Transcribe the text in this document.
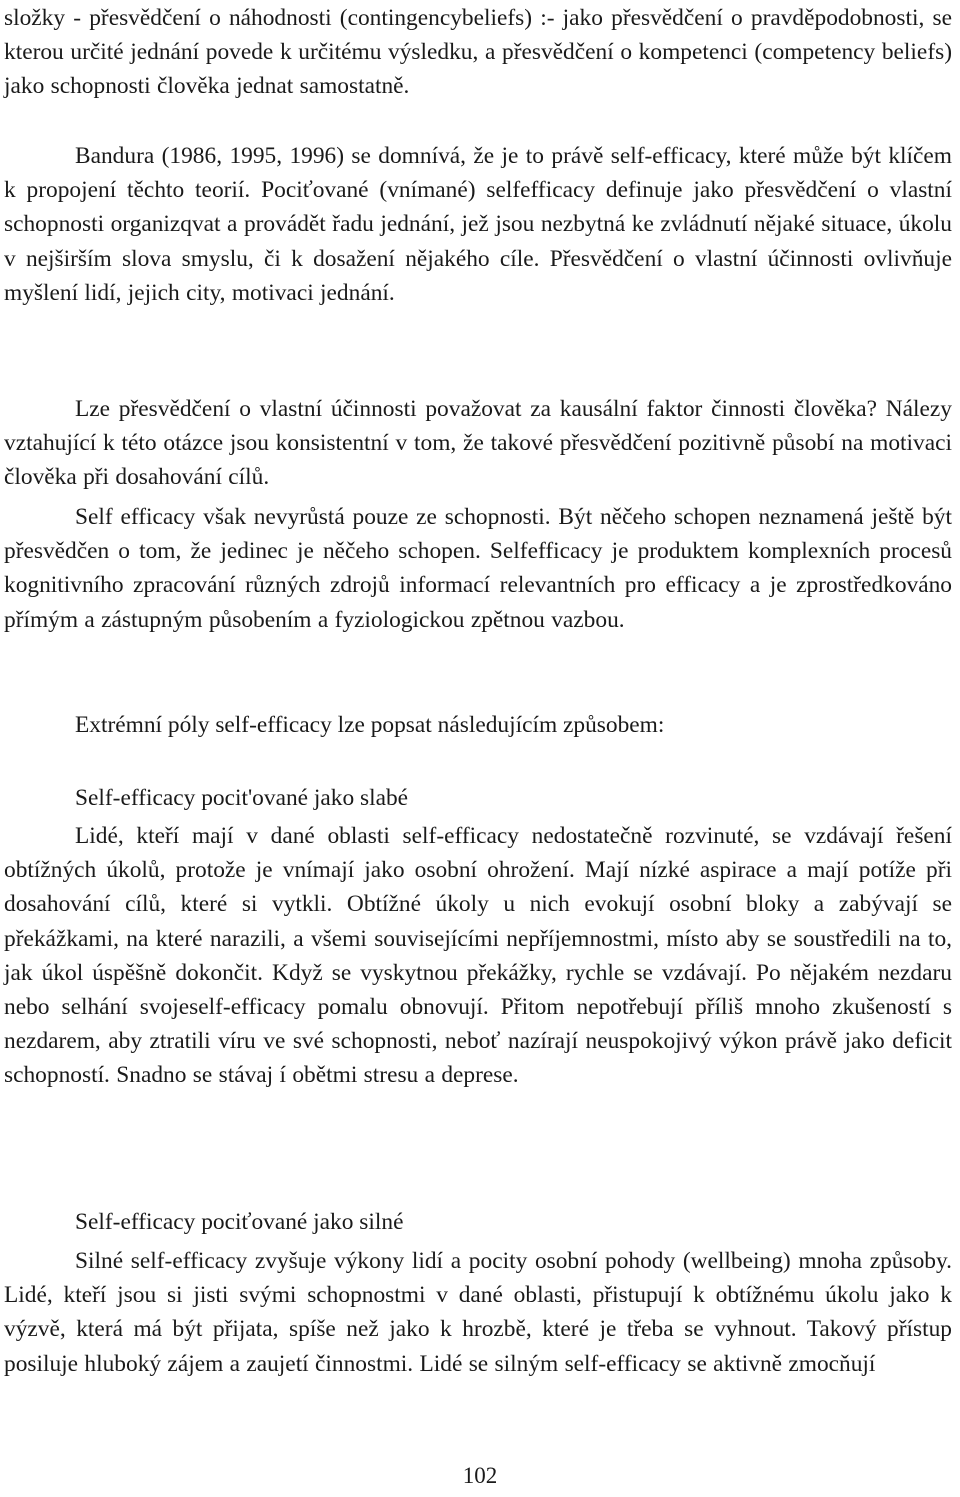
složky - přesvědčení o náhodnosti (contingencybeliefs) :- jako přesvědčení o pravděpodobnosti, se kterou určité jednání povede k určitému výsledku, a přesvědčení o kompetenci (competency beliefs) jako schopnosti člověka jednat samostatně.

Bandura (1986, 1995, 1996) se domnívá, že je to právě self-efficacy, které může být klíčem k propojení těchto teorií. Pociťované (vnímané) selfefficacy definuje jako přesvědčení o vlastní schopnosti organizqvat a provádět řadu jednání, jež jsou nezbytná ke zvládnutí nějaké situace, úkolu v nejširším slova smyslu, či k dosažení nějakého cíle. Přesvědčení o vlastní účinnosti ovlivňuje myšlení lidí, jejich city, motivaci jednání.

Lze přesvědčení o vlastní účinnosti považovat za kausální faktor činnosti člověka? Nálezy vztahující k této otázce jsou konsistentní v tom, že takové přesvědčení pozitivně působí na motivaci člověka při dosahování cílů.

Self efficacy však nevyrůstá pouze ze schopnosti. Být něčeho schopen neznamená ještě být přesvědčen o tom, že jedinec je něčeho schopen. Selfefficacy je produktem komplexních procesů kognitivního zpracování různých zdrojů informací relevantních pro efficacy a je zprostředkováno přímým a zástupným působením a fyziologickou zpětnou vazbou.

Extrémní póly self-efficacy lze popsat následujícím způsobem:

Self-efficacy pocit'ované jako slabé

Lidé, kteří mají v dané oblasti self-efficacy nedostatečně rozvinuté, se vzdávají řešení obtížných úkolů, protože je vnímají jako osobní ohrožení. Mají nízké aspirace a mají potíže při dosahování cílů, které si vytkli. Obtížné úkoly u nich evokují osobní bloky a zabývají se překážkami, na které narazili, a všemi souvisejícími nepříjemnostmi, místo aby se soustředili na to, jak úkol úspěšně dokončit. Když se vyskytnou překážky, rychle se vzdávají. Po nějakém nezdaru nebo selhání svojeself-efficacy pomalu obnovují. Přitom nepotřebují příliš mnoho zkušeností s nezdarem, aby ztratili víru ve své schopnosti, neboť nazírají neuspokojivý výkon právě jako deficit schopností. Snadno se stávaj í obětmi stresu a deprese.

Self-efficacy pociťované jako silné

Silné self-efficacy zvyšuje výkony lidí a pocity osobní pohody (wellbeing) mnoha způsoby. Lidé, kteří jsou si jisti svými schopnostmi v dané oblasti, přistupují k obtížnému úkolu jako k výzvě, která má být přijata, spíše než jako k hrozbě, které je třeba se vyhnout. Takový přístup posiluje hluboký zájem a zaujetí činnostmi. Lidé se silným self-efficacy se aktivně zmocňují

102
